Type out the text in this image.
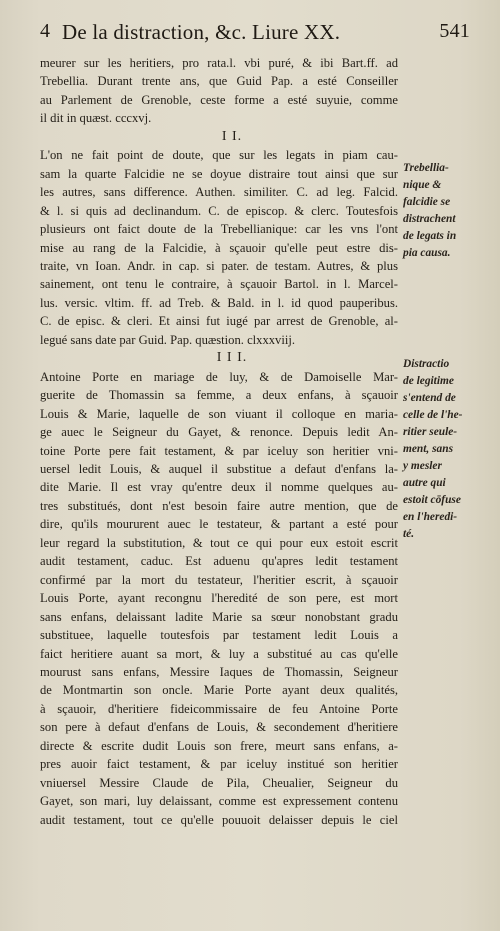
4 De la distraction, &c. Liure XX.	541
meurer sur les heritiers, pro rata.l. vbi puré, & ibi Bart.ff. ad
Trebellia. Durant trente ans, que Guid Pap. a esté Conseiller
au Parlement de Grenoble, ceste forme a esté suyuie, comme
il dit in quæst. cccxvj.
I I.
L'on ne fait point de doute, que sur les legats in piam cau-
sam la quarte Falcidie ne se doyue distraire tout ainsi que sur
les autres, sans difference. Authen. similiter. C. ad leg. Falcid.
& l. si quis ad declinandum. C. de episcop. & clerc. Toutesfois
plusieurs ont faict doute de la Trebellianique: car les vns l'ont
mise au rang de la Falcidie, à sçauoir qu'elle peut estre dis-
traite, vn Ioan. Andr. in cap. si pater. de testam. Autres, & plus
sainement, ont tenu le contraire, à sçauoir Bartol. in l. Marcel-
lus. versic. vltim. ff. ad Treb. & Bald. in l. id quod pauperibus.
C. de episc. & cleri. Et ainsi fut iugé par arrest de Grenoble, al-
legué sans date par Guid. Pap. quæstion. clxxxviij.
I I I.
Antoine Porte en mariage de luy, & de Damoiselle Mar-
guerite de Thomassin sa femme, a deux enfans, à sçauoir
Louis & Marie, laquelle de son viuant il colloque en maria-
ge auec le Seigneur du Gayet, & renonce. Depuis ledit An-
toine Porte pere fait testament, & par iceluy son heritier vni-
uersel ledit Louis, & auquel il substitue a defaut d'enfans la-
dite Marie. Il est vray qu'entre deux il nomme quelques au-
tres substitués, dont n'est besoin faire autre mention, que de
dire, qu'ils moururent auec le testateur, & partant a esté pour
leur regard la substitution, & tout ce qui pour eux estoit escrit
audit testament, caduc. Est aduenu qu'apres ledit testament
confirmé par la mort du testateur, l'heritier escrit, à sçauoir
Louis Porte, ayant recongnu l'heredité de son pere, est mort
sans enfans, delaissant ladite Marie sa sœur nonobstant gradu
substituee, laquelle toutesfois par testament ledit Louis a
faict heritiere auant sa mort, & luy a substitué au cas qu'elle
mourust sans enfans, Messire Iaques de Thomassin, Seigneur
de Montmartin son oncle. Marie Porte ayant deux qualités,
à sçauoir, d'heritiere fideicommissaire de feu Antoine Porte
son pere à defaut d'enfans de Louis, & secondement d'heritiere
directe & escrite dudit Louis son frere, meurt sans enfans, a-
pres auoir faict testament, & par iceluy institué son heritier
vniuersel Messire Claude de Pila, Cheualier, Seigneur du
Gayet, son mari, luy delaissant, comme est expressement contenu
audit testament, tout ce qu'elle pouuoit delaisser depuis le ciel
Trebellia-
nique &
falcidie se
distrachent
de legats in
pia causa.
Distractio
de legitime
s'entend de
celle de l'he-
ritier seule-
ment, sans
y mesler
autre qui
estoit cōfuse
en l'heredi-
té.
